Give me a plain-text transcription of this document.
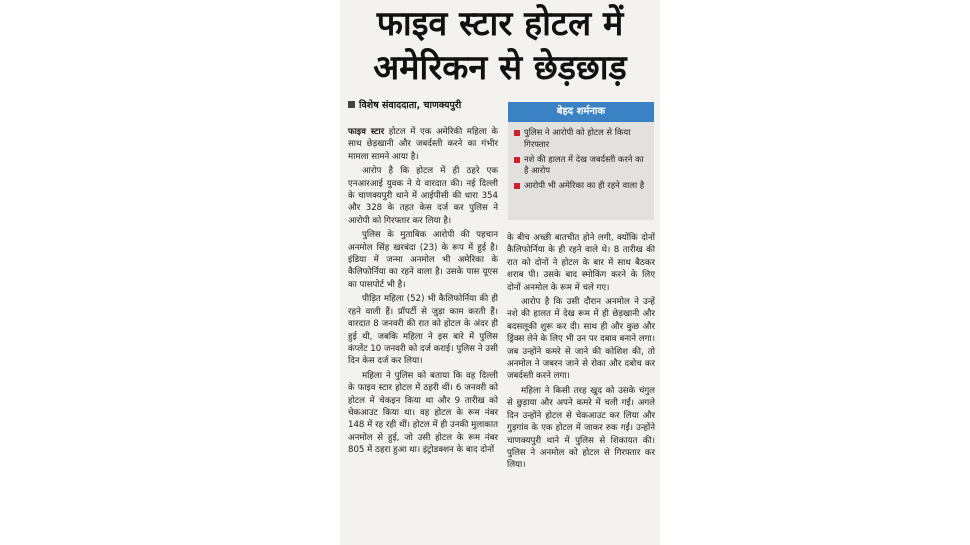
फाइव स्टार होटल में
अमेरिकन से छेड़छाड़
विशेष संवाददाता, चाणक्यपुरी
बेहद शर्मनाक
पुलिस ने आरोपी को होटल से किया गिरफ्तार
नशे की हालत में देख जबर्दस्ती करने का है आरोप
आरोपी भी अमेरिका का ही रहने वाला है

फाइव स्टार होटल में एक अमेरिकी महिला के साथ छेड़खानी और जबर्दस्ती करने का गंभीर मामला सामने आया है।

आरोप है कि होटल में ही ठहरे एक एनआरआई युवक ने ये वारदात की। नई दिल्ली के चाणक्यपुरी थाने में आईपीसी की धारा 354 और 328 के तहत केस दर्ज कर पुलिस ने आरोपी को गिरफ्तार कर लिया है।

पुलिस के मुताबिक आरोपी की पहचान अनमोल सिंह खरबंदा (23) के रूप में हुई है। इंडिया में जन्मा अनमोल भी अमेरिका के कैलिफोर्निया का रहने वाला है। उसके पास यूएस का पासपोर्ट भी है।

पीड़ित महिला (52) भी कैलिफोर्निया की ही रहने वाली हैं। प्रॉपर्टी से जुड़ा काम करती हैं। वारदात 8 जनवरी की रात को होटल के अंदर ही हुई थी, जबकि महिला ने इस बारे में पुलिस कंप्लेंट 10 जनवरी को दर्ज कराई। पुलिस ने उसी दिन केस दर्ज कर लिया।

महिला ने पुलिस को बताया कि वह दिल्ली के फाइव स्टार होटल में ठहरी थीं। 6 जनवरी को होटल में चेकइन किया था और 9 तारीख को चेकआउट किया था। वह होटल के रूम नंबर 148 में रह रही थीं। होटल में ही उनकी मुलाकात अनमोल से हुई, जो उसी होटल के रूम नंबर 805 में ठहरा हुआ था। इंट्रोडक्शन के बाद दोनों

के बीच अच्छी बातचीत होने लगी, क्योंकि दोनों कैलिफोर्निया के ही रहने वाले थे। 8 तारीख की रात को दोनों ने होटल के बार में साथ बैठकर शराब पी। उसके बाद स्मोकिंग करने के लिए दोनों अनमोल के रूम में चले गए।

आरोप है कि उसी दौरान अनमोल ने उन्हें नशे की हालत में देख रूम में ही छेड़खानी और बदसलूकी शुरू कर दी। साथ ही और कुछ और ड्रिंक्स लेने के लिए भी उन पर दबाव बनाने लगा। जब उन्होंने कमरे से जाने की कोशिश की, तो अनमोल ने जबरन जाने से रोका और दबोच कर जबर्दस्ती करने लगा।

महिला ने किसी तरह खुद को उसके चंगुल से छुड़ाया और अपने कमरे में चली गईं। अगले दिन उन्होंने होटल से चेकआउट कर लिया और गुड़गांव के एक होटल में जाकर रुक गईं। उन्होंने चाणक्यपुरी थाने में पुलिस से शिकायत की। पुलिस ने अनमोल को होटल से गिरफ्तार कर लिया।
